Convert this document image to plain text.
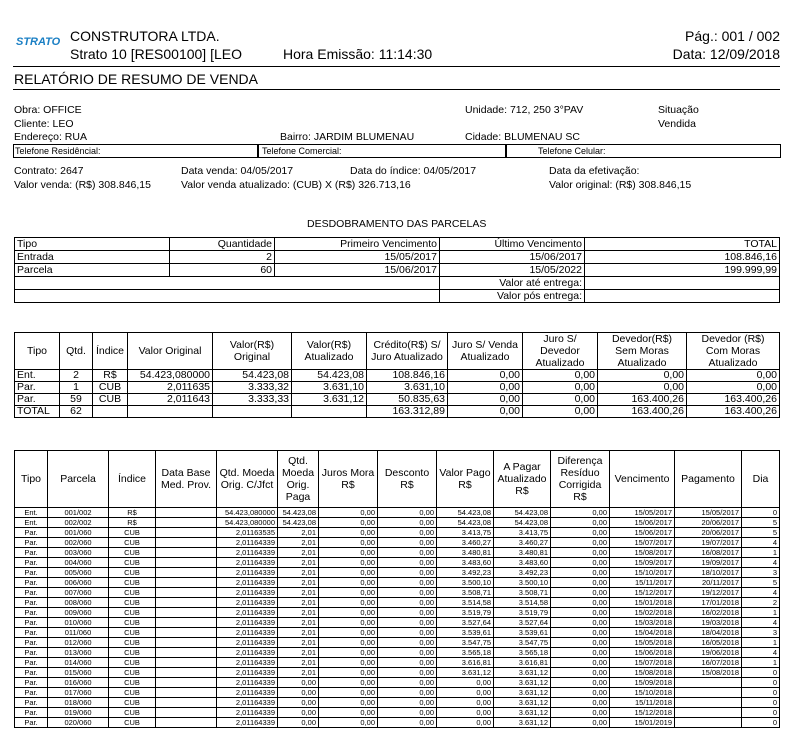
STRATO CONSTRUTORA LTDA.
Strato 10 [RES00100] [LEO	Hora Emissão: 11:14:30
Pág.: 001 / 002
Data: 12/09/2018
RELATÓRIO DE RESUMO DE VENDA
Obra: OFFICE	Unidade: 712, 250 3°PAV	Situação
Cliente: LEO	Vendida
Endereço: RUA	Bairro: JARDIM BLUMENAU	Cidade: BLUMENAU SC
Telefone Residêncial:	Telefone Comercial:	Telefone Celular:
Contrato: 2647	Data venda: 04/05/2017	Data do índice: 04/05/2017	Data da efetivação:
Valor venda: (R$) 308.846,15	Valor venda atualizado: (CUB) X (R$) 326.713,16	Valor original: (R$) 308.846,15
DESDOBRAMENTO DAS PARCELAS
Tipo	Quantidade	Primeiro Vencimento	Último Vencimento	TOTAL
Entrada	2	15/05/2017	15/06/2017	108.846,16
Parcela	60	15/06/2017	15/05/2022	199.999,99
			Valor até entrega:	
			Valor pós entrega:	
Tipo	Qtd.	Índice	Valor Original	Valor(R$) Original	Valor(R$) Atualizado	Crédito(R$) S/ Juro Atualizado	Juro S/ Venda Atualizado	Juro S/ Devedor Atualizado	Devedor(R$) Sem Moras Atualizado	Devedor (R$) Com Moras Atualizado
Ent.	2	R$	54.423,080000	54.423,08	54.423,08	108.846,16	0,00	0,00	0,00	0,00
Par.	1	CUB	2,011635	3.333,32	3.631,10	3.631,10	0,00	0,00	0,00	0,00
Par.	59	CUB	2,011643	3.333,33	3.631,12	50.835,63	0,00	0,00	163.400,26	163.400,26
TOTAL	62					163.312,89	0,00	0,00	163.400,26	163.400,26
Tipo	Parcela	Índice	Data Base Med. Prov.	Qtd. Moeda Orig. C/Jfct	Qtd. Moeda Orig. Paga	Juros Mora R$	Desconto R$	Valor Pago R$	A Pagar Atualizado R$	Diferença Resíduo Corrigida R$	Vencimento	Pagamento	Dia
Ent.	001/002	R$		54.423,080000	54.423,08	0,00	0,00	54.423,08	54.423,08	0,00	15/05/2017	15/05/2017	0
Ent.	002/002	R$		54.423,080000	54.423,08	0,00	0,00	54.423,08	54.423,08	0,00	15/06/2017	20/06/2017	5
Par.	001/060	CUB		2,01163535	2,01	0,00	0,00	3.413,75	3.413,75	0,00	15/06/2017	20/06/2017	5
Par.	002/060	CUB		2,01164339	2,01	0,00	0,00	3.460,27	3.460,27	0,00	15/07/2017	19/07/2017	4
Par.	003/060	CUB		2,01164339	2,01	0,00	0,00	3.480,81	3.480,81	0,00	15/08/2017	16/08/2017	1
Par.	004/060	CUB		2,01164339	2,01	0,00	0,00	3.483,60	3.483,60	0,00	15/09/2017	19/09/2017	4
Par.	005/060	CUB		2,01164339	2,01	0,00	0,00	3.492,23	3.492,23	0,00	15/10/2017	18/10/2017	3
Par.	006/060	CUB		2,01164339	2,01	0,00	0,00	3.500,10	3.500,10	0,00	15/11/2017	20/11/2017	5
Par.	007/060	CUB		2,01164339	2,01	0,00	0,00	3.508,71	3.508,71	0,00	15/12/2017	19/12/2017	4
Par.	008/060	CUB		2,01164339	2,01	0,00	0,00	3.514,58	3.514,58	0,00	15/01/2018	17/01/2018	2
Par.	009/060	CUB		2,01164339	2,01	0,00	0,00	3.519,79	3.519,79	0,00	15/02/2018	16/02/2018	1
Par.	010/060	CUB		2,01164339	2,01	0,00	0,00	3.527,64	3.527,64	0,00	15/03/2018	19/03/2018	4
Par.	011/060	CUB		2,01164339	2,01	0,00	0,00	3.539,61	3.539,61	0,00	15/04/2018	18/04/2018	3
Par.	012/060	CUB		2,01164339	2,01	0,00	0,00	3.547,75	3.547,75	0,00	15/05/2018	16/05/2018	1
Par.	013/060	CUB		2,01164339	2,01	0,00	0,00	3.565,18	3.565,18	0,00	15/06/2018	19/06/2018	4
Par.	014/060	CUB		2,01164339	2,01	0,00	0,00	3.616,81	3.616,81	0,00	15/07/2018	16/07/2018	1
Par.	015/060	CUB		2,01164339	2,01	0,00	0,00	3.631,12	3.631,12	0,00	15/08/2018	15/08/2018	0
Par.	016/060	CUB		2,01164339	0,00	0,00	0,00	0,00	3.631,12	0,00	15/09/2018		0
Par.	017/060	CUB		2,01164339	0,00	0,00	0,00	0,00	3.631,12	0,00	15/10/2018		0
Par.	018/060	CUB		2,01164339	0,00	0,00	0,00	0,00	3.631,12	0,00	15/11/2018		0
Par.	019/060	CUB		2,01164339	0,00	0,00	0,00	0,00	3.631,12	0,00	15/12/2018		0
Par.	020/060	CUB		2,01164339	0,00	0,00	0,00	0,00	3.631,12	0,00	15/01/2019		0
